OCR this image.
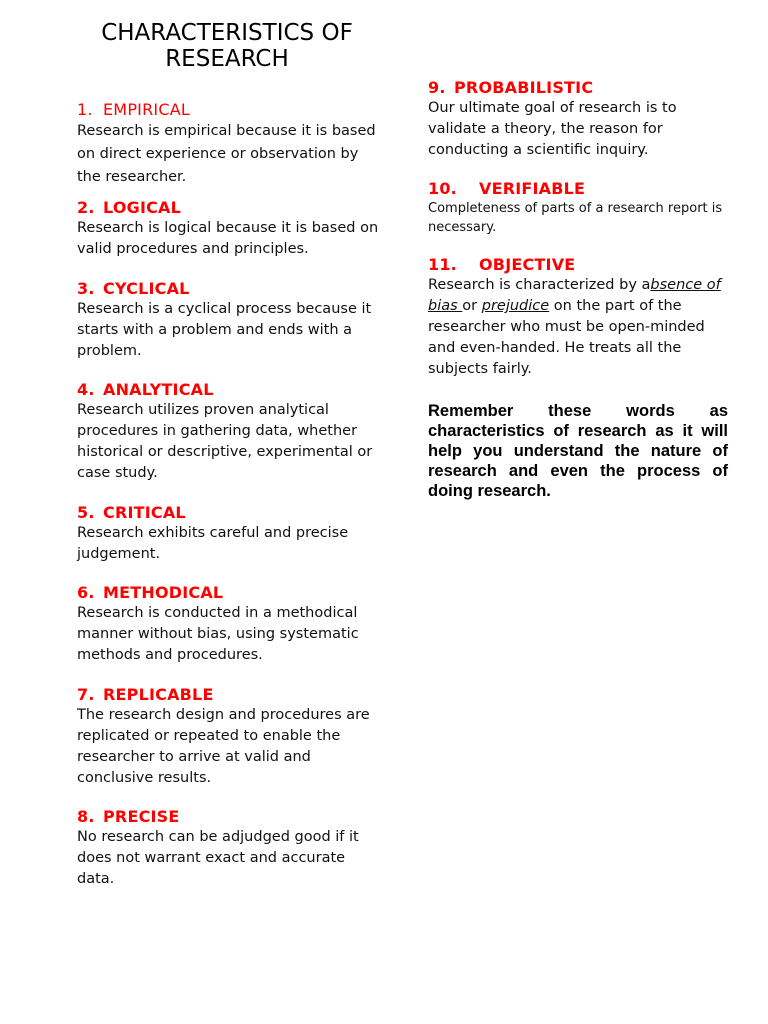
CHARACTERISTICS OF RESEARCH

1. EMPIRICAL

Research is empirical because it is based on direct experience or observation by the researcher.

2. LOGICAL

Research is logical because it is based on valid procedures and principles.

3. CYCLICAL

Research is a cyclical process because it starts with a problem and ends with a problem.

4. ANALYTICAL

Research utilizes proven analytical procedures in gathering data, whether historical or descriptive, experimental or case study.

5. CRITICAL

Research exhibits careful and precise judgement.

6. METHODICAL

Research is conducted in a methodical manner without bias, using systematic methods and procedures.

7. REPLICABLE

The research design and procedures are replicated or repeated to enable the researcher to arrive at valid and conclusive results.

8. PRECISE

No research can be adjudged good if it does not warrant exact and accurate data.

9. PROBABILISTIC

Our ultimate goal of research is to validate a theory, the reason for conducting a scientific inquiry.

10. VERIFIABLE

Completeness of parts of a research report is necessary.

11. OBJECTIVE

Research is characterized by absence of bias or prejudice on the part of the researcher who must be open-minded and even-handed. He treats all the subjects fairly.

Remember these words as characteristics of research as it will help you understand the nature of research and even the process of doing research.
